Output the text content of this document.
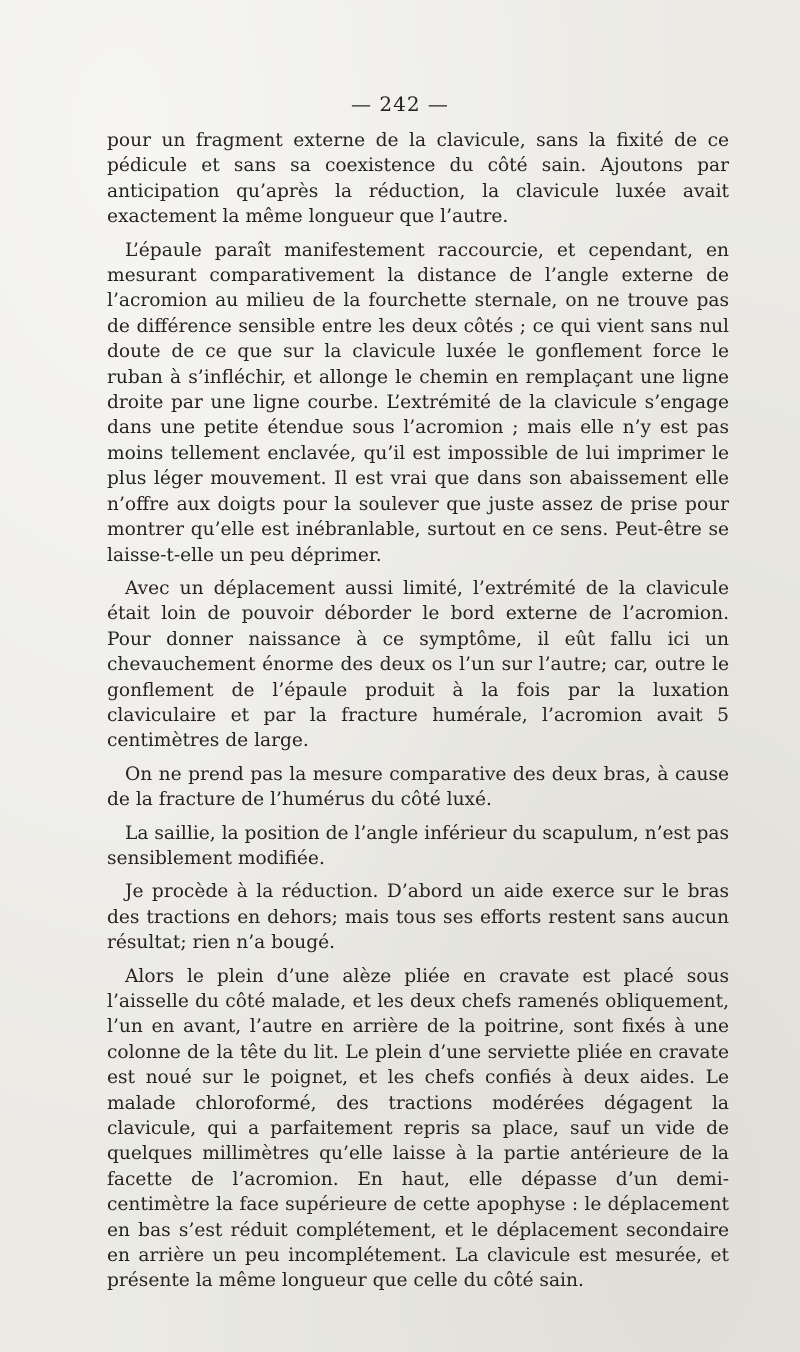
— 242 —

pour un fragment externe de la clavicule, sans la fixité de ce pédicule et sans sa coexistence du côté sain. Ajoutons par anticipation qu’après la réduction, la clavicule luxée avait exactement la même longueur que l’autre.

L’épaule paraît manifestement raccourcie, et cependant, en mesurant comparativement la distance de l’angle externe de l’acromion au milieu de la fourchette sternale, on ne trouve pas de différence sensible entre les deux côtés ; ce qui vient sans nul doute de ce que sur la clavicule luxée le gonflement force le ruban à s’infléchir, et allonge le chemin en remplaçant une ligne droite par une ligne courbe. L’extrémité de la clavicule s’engage dans une petite étendue sous l’acromion ; mais elle n’y est pas moins tellement enclavée, qu’il est impossible de lui imprimer le plus léger mouvement. Il est vrai que dans son abaissement elle n’offre aux doigts pour la soulever que juste assez de prise pour montrer qu’elle est inébranlable, surtout en ce sens. Peut-être se laisse-t-elle un peu déprimer.

Avec un déplacement aussi limité, l’extrémité de la clavicule était loin de pouvoir déborder le bord externe de l’acromion. Pour donner naissance à ce symptôme, il eût fallu ici un chevauchement énorme des deux os l’un sur l’autre; car, outre le gonflement de l’épaule produit à la fois par la luxation claviculaire et par la fracture humérale, l’acromion avait 5 centimètres de large.

On ne prend pas la mesure comparative des deux bras, à cause de la fracture de l’humérus du côté luxé.

La saillie, la position de l’angle inférieur du scapulum, n’est pas sensiblement modifiée.

Je procède à la réduction. D’abord un aide exerce sur le bras des tractions en dehors; mais tous ses efforts restent sans aucun résultat; rien n’a bougé.

Alors le plein d’une alèze pliée en cravate est placé sous l’aisselle du côté malade, et les deux chefs ramenés obliquement, l’un en avant, l’autre en arrière de la poitrine, sont fixés à une colonne de la tête du lit. Le plein d’une serviette pliée en cravate est noué sur le poignet, et les chefs confiés à deux aides. Le malade chloroformé, des tractions modérées dégagent la clavicule, qui a parfaitement repris sa place, sauf un vide de quelques millimètres qu’elle laisse à la partie antérieure de la facette de l’acromion. En haut, elle dépasse d’un demi-centimètre la face supérieure de cette apophyse : le déplacement en bas s’est réduit complétement, et le déplacement secondaire en arrière un peu incomplétement. La clavicule est mesurée, et présente la même longueur que celle du côté sain.
